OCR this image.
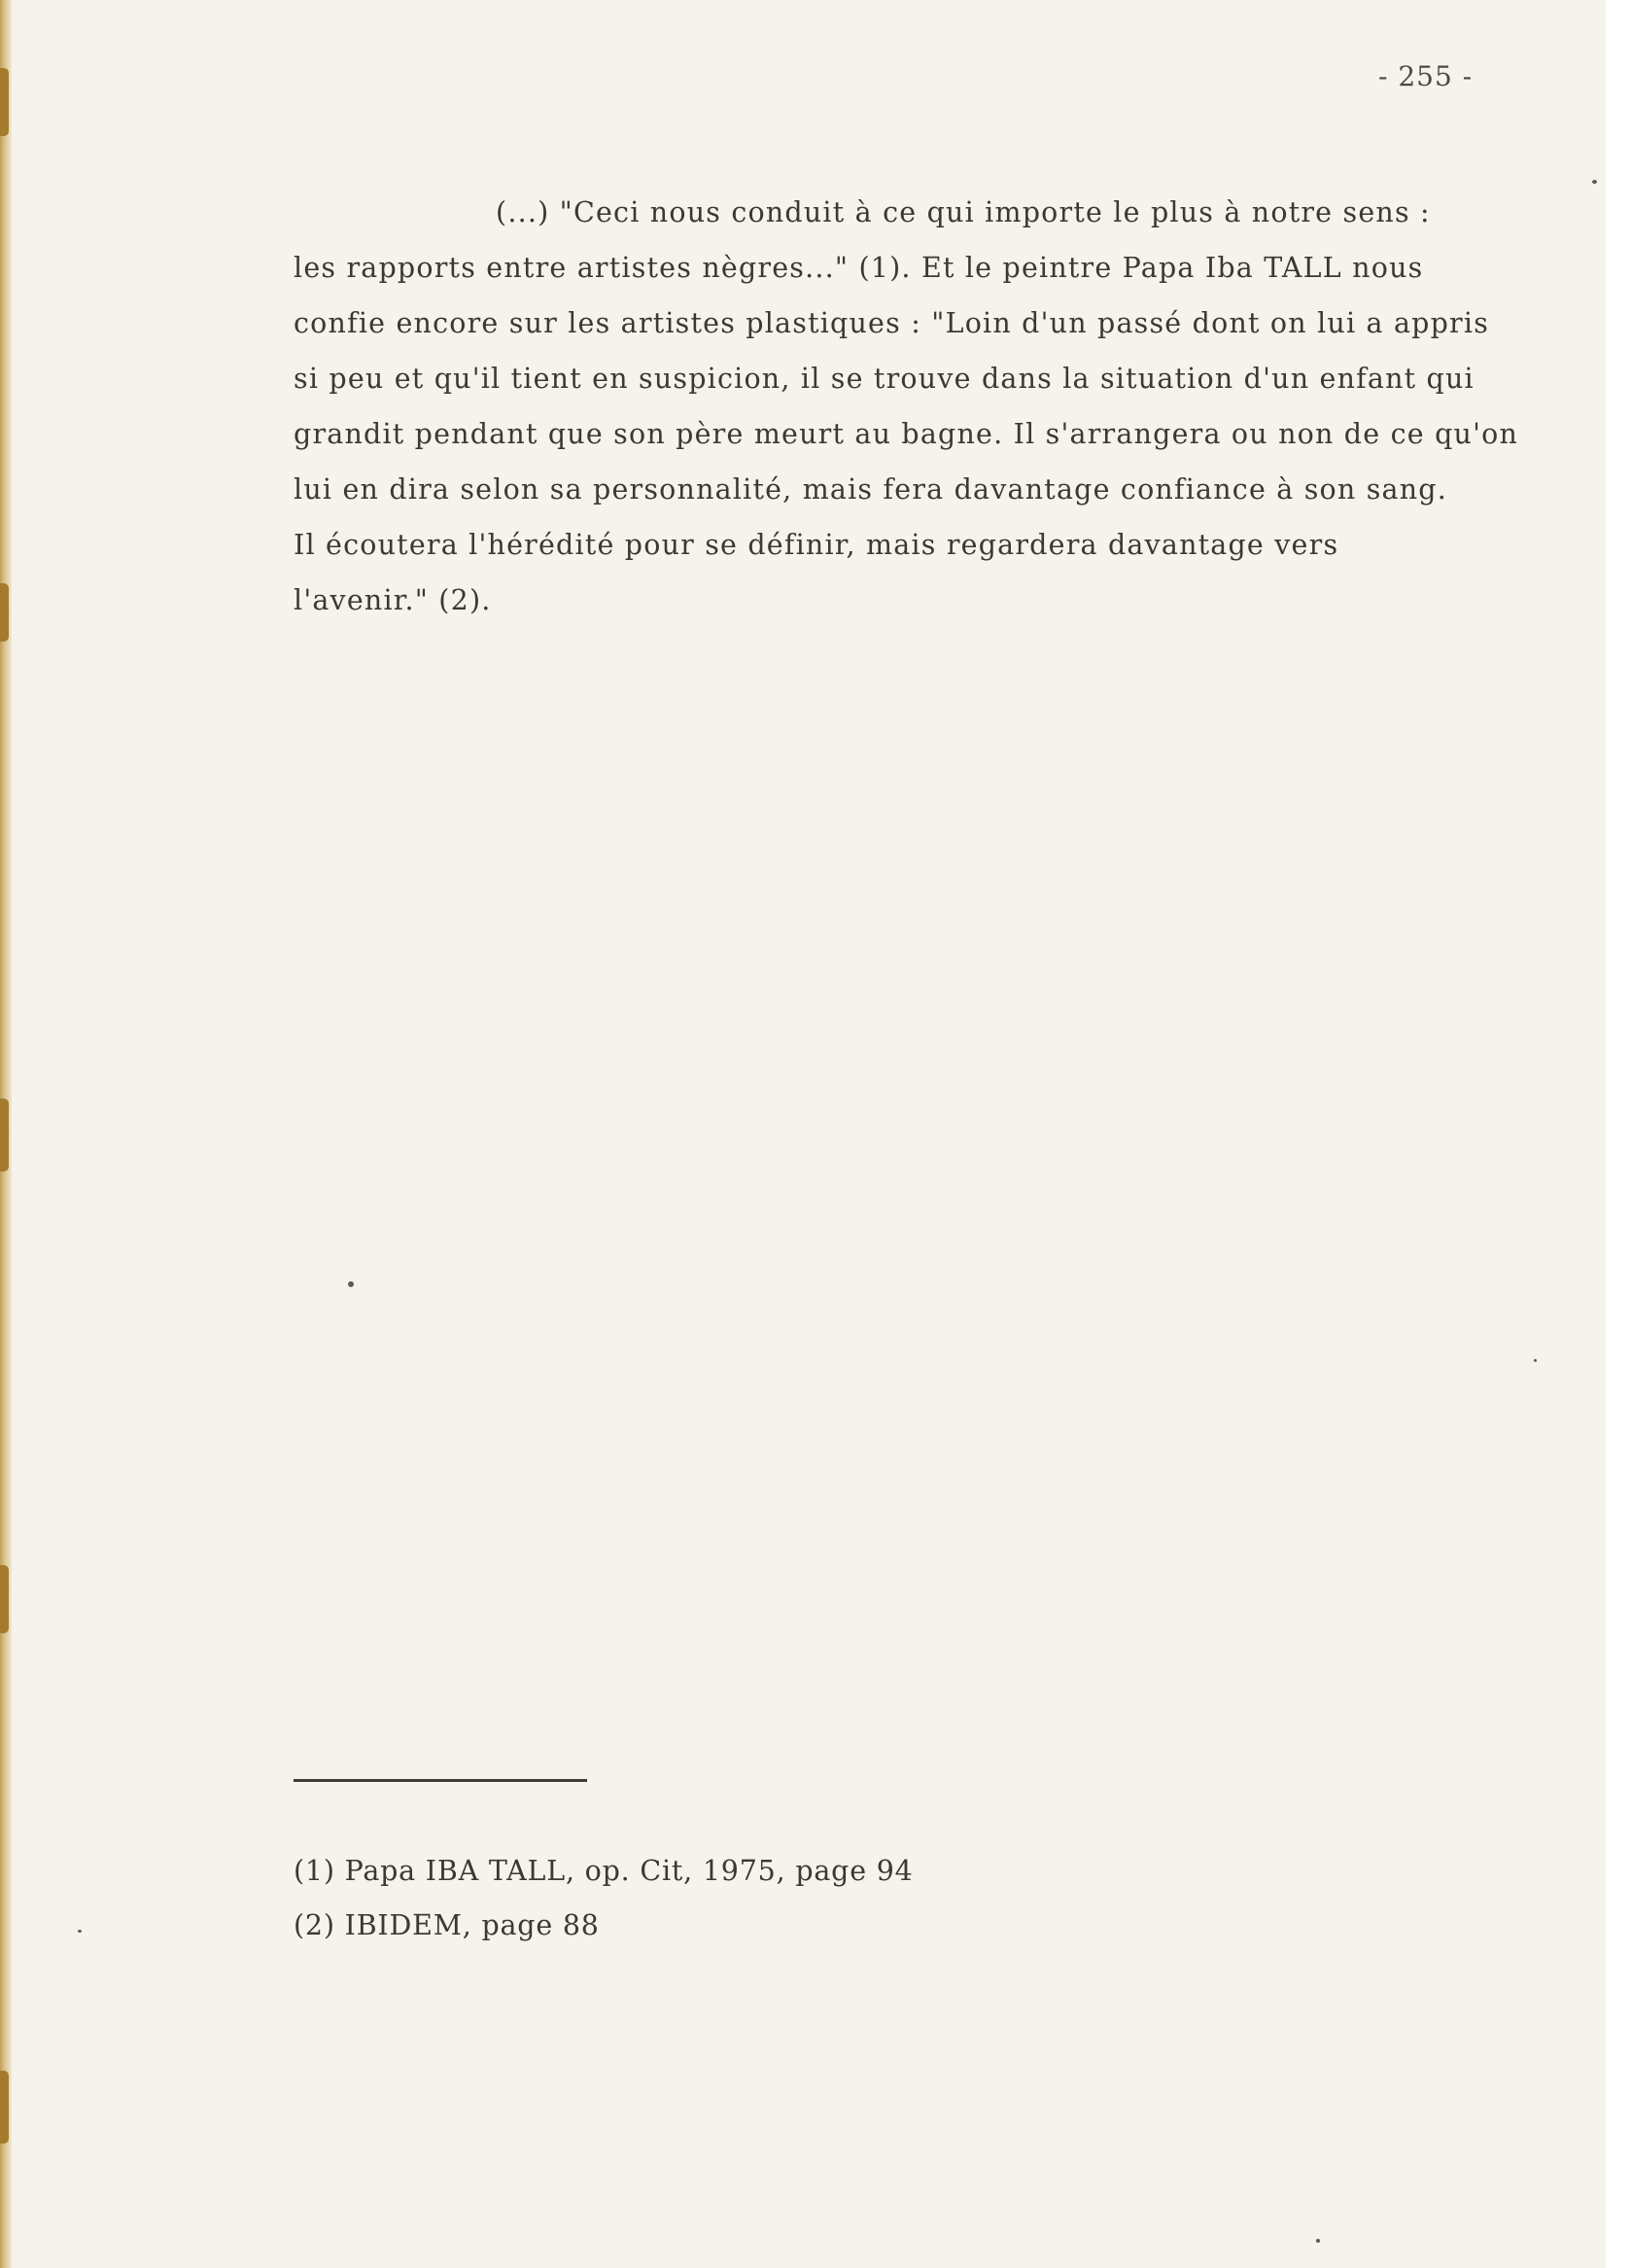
- 255 -

(...) "Ceci nous conduit à ce qui importe le plus à notre sens :
les rapports entre artistes nègres..." (1). Et le peintre Papa Iba TALL nous
confie encore sur les artistes plastiques : "Loin d'un passé dont on lui a appris
si peu et qu'il tient en suspicion, il se trouve dans la situation d'un enfant qui
grandit pendant que son père meurt au bagne. Il s'arrangera ou non de ce qu'on
lui en dira selon sa personnalité, mais fera davantage confiance à son sang.
Il écoutera l'hérédité pour se définir, mais regardera davantage vers
l'avenir." (2).

(1) Papa IBA TALL, op. Cit, 1975, page 94
(2) IBIDEM, page 88
